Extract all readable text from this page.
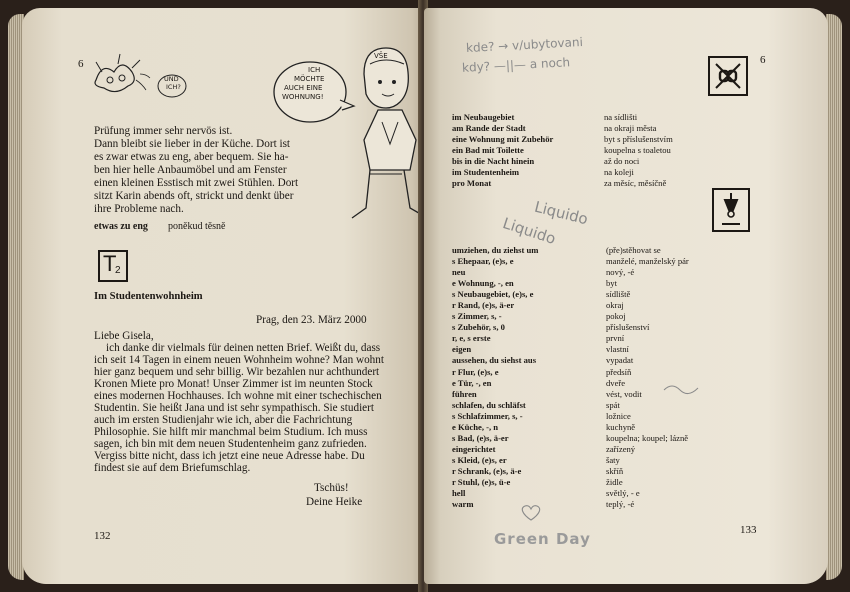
6
UND
ICH?
ICH
MÖCHTE
AUCH EINE
WOHNUNG!
VŠE
Prüfung immer sehr nervös ist.
Dann bleibt sie lieber in der Küche. Dort ist
es zwar etwas zu eng, aber bequem. Sie ha-
ben hier helle Anbaumöbel und am Fenster
einen kleinen Esstisch mit zwei Stühlen. Dort
sitzt Karin abends oft, strickt und denkt über
ihre Probleme nach.
etwas zu eng poněkud těsně
T
2
Im Studentenwohnheim
Prag, den 23. März 2000
Liebe Gisela,
ich danke dir vielmals für deinen netten Brief. Weißt du, dass
ich seit 14 Tagen in einem neuen Wohnheim wohne? Man wohnt
hier ganz bequem und sehr billig. Wir bezahlen nur achthundert
Kronen Miete pro Monat! Unser Zimmer ist im neunten Stock
eines modernen Hochhauses. Ich wohne mit einer tschechischen
Studentin. Sie heißt Jana und ist sehr sympathisch. Sie studiert
auch im ersten Studienjahr wie ich, aber die Fachrichtung
Philosophie. Sie hilft mir manchmal beim Studium. Ich muss
sagen, ich bin mit dem neuen Studentenheim ganz zufrieden.
Vergiss bitte nicht, dass ich jetzt eine neue Adresse habe. Du
findest sie auf dem Briefumschlag.
Tschüs!
Deine Heike
132
6
kde? → v/ubytovani
kdy? —||— a noch
im Neubaugebiet
am Rande der Stadt
eine Wohnung mit Zubehör
ein Bad mit Toilette
bis in die Nacht hinein
im Studentenheim
pro Monat
na sídlišti
na okraji města
byt s příslušenstvím
koupelna s toaletou
až do noci
na koleji
za měsíc, měsíčně
Liquido
Liquido
umziehen, du ziehst um
s Ehepaar, (e)s, e
neu
e Wohnung, -, en
s Neubaugebiet, (e)s, e
r Rand, (e)s, ä-er
s Zimmer, s, -
s Zubehör, s, 0
r, e, s erste
eigen
aussehen, du siehst aus
r Flur, (e)s, e
e Tür, -, en
führen
schlafen, du schläfst
s Schlafzimmer, s, -
e Küche, -, n
s Bad, (e)s, ä-er
eingerichtet
s Kleid, (e)s, er
r Schrank, (e)s, ä-e
r Stuhl, (e)s, ü-e
hell
warm
(pře)stěhovat se
manželé, manželský pár
nový, -é
byt
sídliště
okraj
pokoj
příslušenství
první
vlastní
vypadat
předsíň
dveře
vést, vodit
spát
ložnice
kuchyně
koupelna; koupel; lázně
zařízený
šaty
skříň
židle
světlý, - e
teplý, -é
Green Day	133
